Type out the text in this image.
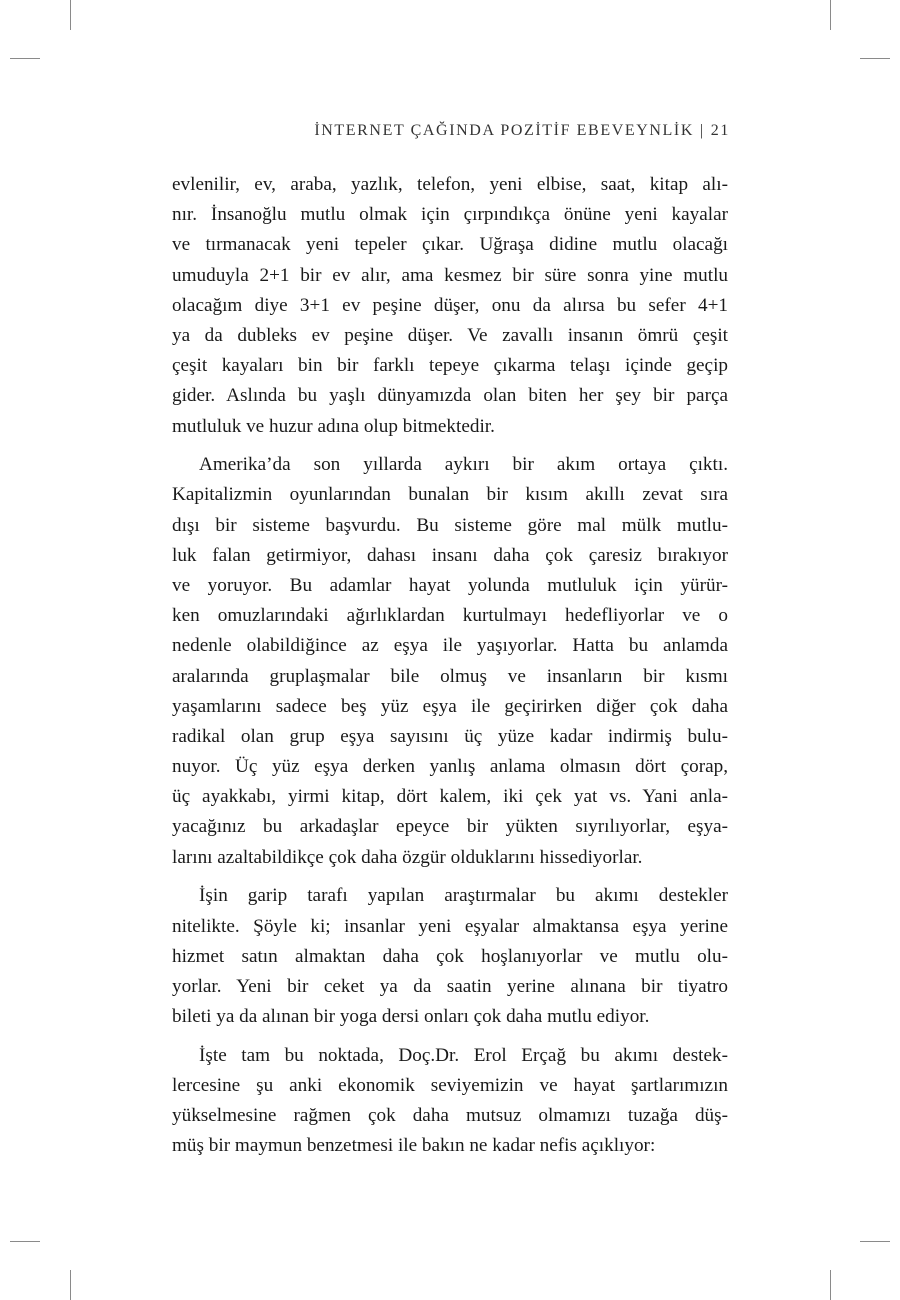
İNTERNET ÇAĞINDA POZİTİF EBEVEYNLİK | 21
evlenilir, ev, araba, yazlık, telefon, yeni elbise, saat, kitap alı-
nır. İnsanoğlu mutlu olmak için çırpındıkça önüne yeni kayalar
ve tırmanacak yeni tepeler çıkar. Uğraşa didine mutlu olacağı
umuduyla 2+1 bir ev alır, ama kesmez bir süre sonra yine mutlu
olacağım diye 3+1 ev peşine düşer, onu da alırsa bu sefer 4+1
ya da dubleks ev peşine düşer. Ve zavallı insanın ömrü çeşit
çeşit kayaları bin bir farklı tepeye çıkarma telaşı içinde geçip
gider. Aslında bu yaşlı dünyamızda olan biten her şey bir parça
mutluluk ve huzur adına olup bitmektedir.
Amerika’da son yıllarda aykırı bir akım ortaya çıktı.
Kapitalizmin oyunlarından bunalan bir kısım akıllı zevat sıra
dışı bir sisteme başvurdu. Bu sisteme göre mal mülk mutlu-
luk falan getirmiyor, dahası insanı daha çok çaresiz bırakıyor
ve yoruyor. Bu adamlar hayat yolunda mutluluk için yürür-
ken omuzlarındaki ağırlıklardan kurtulmayı hedefliyorlar ve o
nedenle olabildiğince az eşya ile yaşıyorlar. Hatta bu anlamda
aralarında gruplaşmalar bile olmuş ve insanların bir kısmı
yaşamlarını sadece beş yüz eşya ile geçirirken diğer çok daha
radikal olan grup eşya sayısını üç yüze kadar indirmiş bulu-
nuyor. Üç yüz eşya derken yanlış anlama olmasın dört çorap,
üç ayakkabı, yirmi kitap, dört kalem, iki çek yat vs. Yani anla-
yacağınız bu arkadaşlar epeyce bir yükten sıyrılıyorlar, eşya-
larını azaltabildikçe çok daha özgür olduklarını hissediyorlar.
İşin garip tarafı yapılan araştırmalar bu akımı destekler
nitelikte. Şöyle ki; insanlar yeni eşyalar almaktansa eşya yerine
hizmet satın almaktan daha çok hoşlanıyorlar ve mutlu olu-
yorlar. Yeni bir ceket ya da saatin yerine alınana bir tiyatro
bileti ya da alınan bir yoga dersi onları çok daha mutlu ediyor.
İşte tam bu noktada, Doç.Dr. Erol Erçağ bu akımı destek-
lercesine şu anki ekonomik seviyemizin ve hayat şartlarımızın
yükselmesine rağmen çok daha mutsuz olmamızı tuzağa düş-
müş bir maymun benzetmesi ile bakın ne kadar nefis açıklıyor:
